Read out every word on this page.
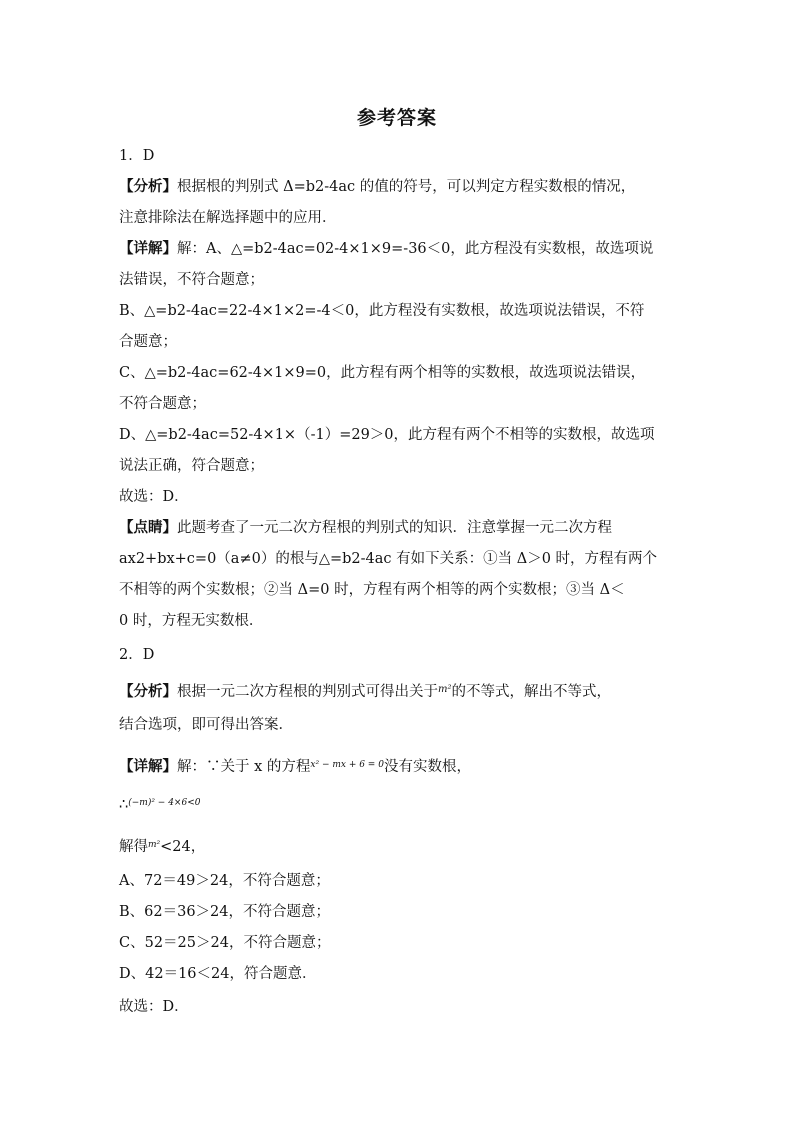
参考答案
1．D
【分析】根据根的判别式 Δ=b2-4ac 的值的符号，可以判定方程实数根的情况，
注意排除法在解选择题中的应用．
【详解】解：A、△=b2-4ac=02-4×1×9=-36＜0，此方程没有实数根，故选项说
法错误，不符合题意；
B、△=b2-4ac=22-4×1×2=-4＜0，此方程没有实数根，故选项说法错误，不符
合题意；
C、△=b2-4ac=62-4×1×9=0，此方程有两个相等的实数根，故选项说法错误，
不符合题意；
D、△=b2-4ac=52-4×1×（-1）=29＞0，此方程有两个不相等的实数根，故选项
说法正确，符合题意；
故选：D．
【点睛】此题考查了一元二次方程根的判别式的知识．注意掌握一元二次方程
ax2+bx+c=0（a≠0）的根与△=b2-4ac 有如下关系：①当 Δ＞0 时，方程有两个
不相等的两个实数根；②当 Δ=0 时，方程有两个相等的两个实数根；③当 Δ＜
0 时，方程无实数根．
2．D
【分析】根据一元二次方程根的判别式可得出关于$^{m^2}$的不等式，解出不等式，
结合选项，即可得出答案．
【详解】解：∵关于 x 的方程$^{x^2 - mx + 6 = 0}$没有实数根，
∴$^{(-m)^2 - 4\times 6<0}$
解得$^{m^2}$<24，
A、72＝49＞24，不符合题意；
B、62＝36＞24，不符合题意；
C、52＝25＞24，不符合题意；
D、42＝16＜24，符合题意．
故选：D．
